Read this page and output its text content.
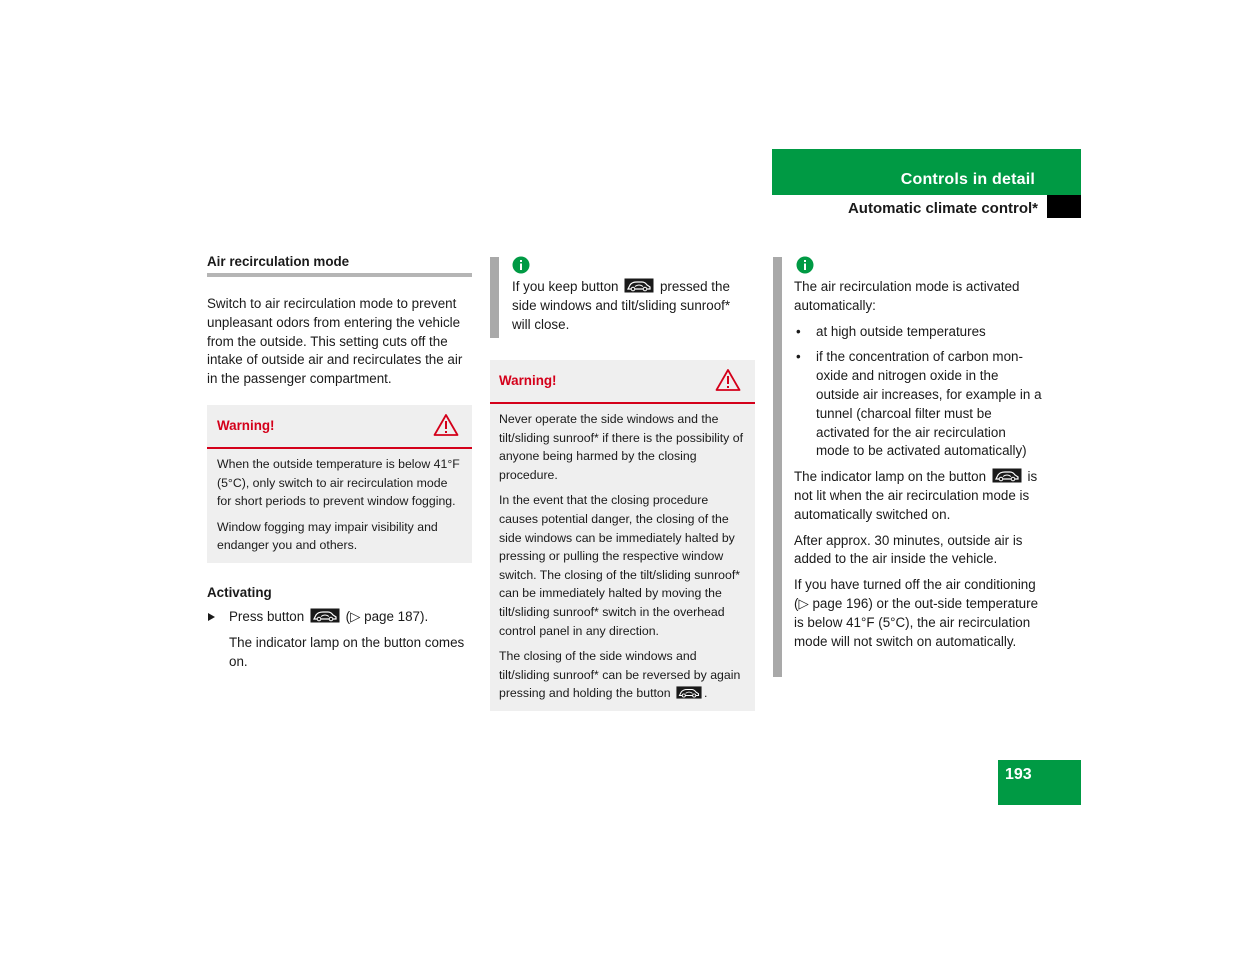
Controls in detail
Automatic climate control*
Air recirculation mode

Switch to air recirculation mode to prevent unpleasant odors from entering the vehicle from the outside. This setting cuts off the intake of outside air and recirculates the air in the passenger compartment.

Warning!

When the outside temperature is below 41°F (5°C), only switch to air recirculation mode for short periods to prevent window fogging.

Window fogging may impair visibility and endanger you and others.

Activating
Press button	(▷ page 187).

The indicator lamp on the button comes on.

If you keep button	pressed the side windows and tilt/sliding sunroof* will close.

Warning!

Never operate the side windows and the tilt/sliding sunroof* if there is the possibility of anyone being harmed by the closing procedure.

In the event that the closing procedure causes potential danger, the closing of the side windows can be immediately halted by pressing or pulling the respective window switch. The closing of the tilt/sliding sunroof* can be immediately halted by moving the tilt/sliding sunroof* switch in the overhead control panel in any direction.

The closing of the side windows and tilt/sliding sunroof* can be reversed by again pressing and holding the button	.

The air recirculation mode is activated automatically:

• at high outside temperatures
• if the concentration of carbon mon-oxide and nitrogen oxide in the outside air increases, for example in a tunnel (charcoal filter must be activated for the air recirculation mode to be activated automatically)

The indicator lamp on the button	is not lit when the air recirculation mode is automatically switched on.

After approx. 30 minutes, outside air is added to the air inside the vehicle.

If you have turned off the air conditioning (▷ page 196) or the out-side temperature is below 41°F (5°C), the air recirculation mode will not switch on automatically.

193
